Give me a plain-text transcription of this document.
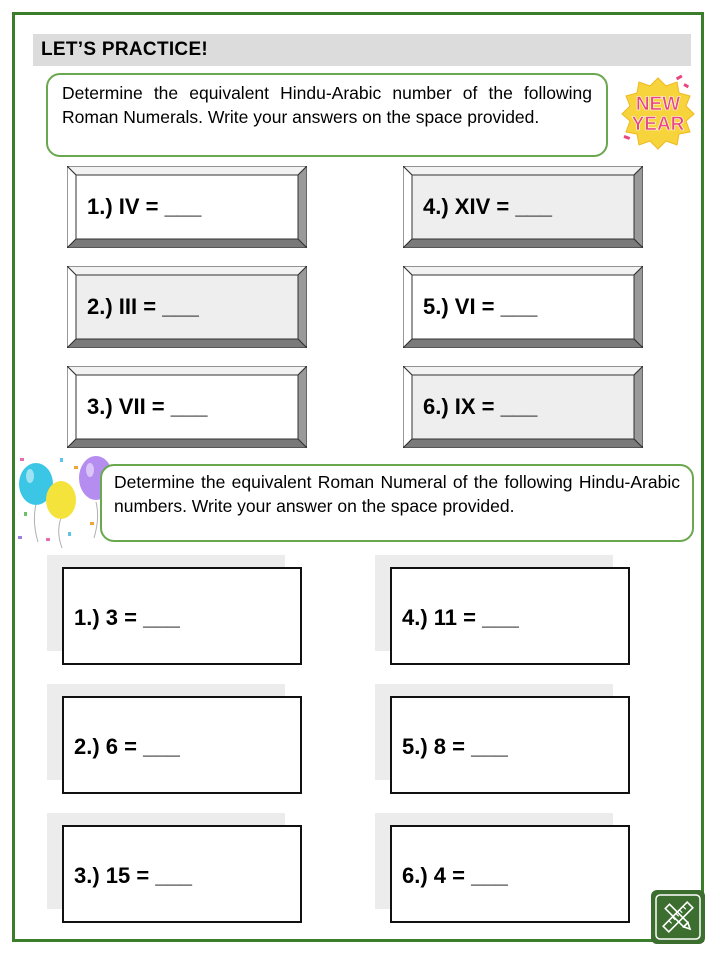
LET’S PRACTICE!
NEW
YEAR
Determine the equivalent Hindu-Arabic number of the following Roman Numerals. Write your answers on the space provided.
1.) IV = ___
2.) III = ___
3.) VII = ___
4.) XIV = ___
5.) VI = ___
6.) IX = ___
Determine the equivalent Roman Numeral of the following Hindu-Arabic numbers. Write your answer on the space provided.
1.) 3 = ___
2.) 6 = ___
3.) 15 = ___
4.) 11 = ___
5.) 8 = ___
6.) 4 = ___
